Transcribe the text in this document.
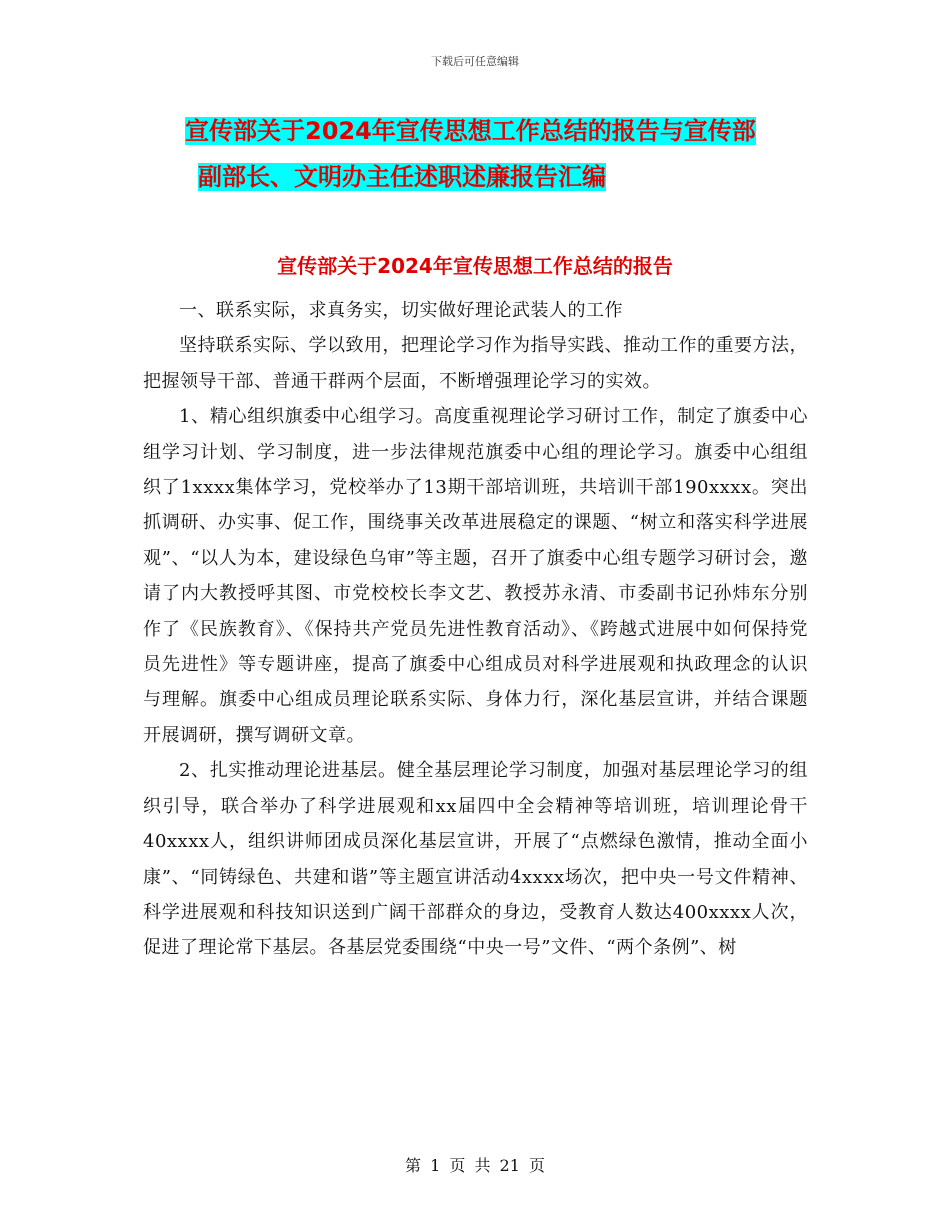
下载后可任意编辑
宣传部关于2024年宣传思想工作总结的报告与宣传部
副部长、文明办主任述职述廉报告汇编
宣传部关于2024年宣传思想工作总结的报告

一、联系实际，求真务实，切实做好理论武装人的工作

坚持联系实际、学以致用，把理论学习作为指导实践、推动工作的重要方法，把握领导干部、普通干群两个层面，不断增强理论学习的实效。

1、精心组织旗委中心组学习。高度重视理论学习研讨工作，制定了旗委中心组学习计划、学习制度，进一步法律规范旗委中心组的理论学习。旗委中心组组织了1xxxx集体学习，党校举办了13期干部培训班，共培训干部190xxxx。突出抓调研、办实事、促工作，围绕事关改革进展稳定的课题、“树立和落实科学进展观”、“以人为本，建设绿色乌审”等主题，召开了旗委中心组专题学习研讨会，邀请了内大教授呼其图、市党校校长李文艺、教授苏永清、市委副书记孙炜东分别作了《民族教育》、《保持共产党员先进性教育活动》、《跨越式进展中如何保持党员先进性》等专题讲座，提高了旗委中心组成员对科学进展观和执政理念的认识与理解。旗委中心组成员理论联系实际、身体力行，深化基层宣讲，并结合课题开展调研，撰写调研文章。

2、扎实推动理论进基层。健全基层理论学习制度，加强对基层理论学习的组织引导，联合举办了科学进展观和xx届四中全会精神等培训班，培训理论骨干40xxxx人，组织讲师团成员深化基层宣讲，开展了“点燃绿色激情，推动全面小康”、“同铸绿色、共建和谐”等主题宣讲活动4xxxx场次，把中央一号文件精神、科学进展观和科技知识送到广阔干部群众的身边，受教育人数达400xxxx人次，促进了理论常下基层。各基层党委围绕“中央一号”文件、“两个条例”、树

第 1 页 共 21 页
